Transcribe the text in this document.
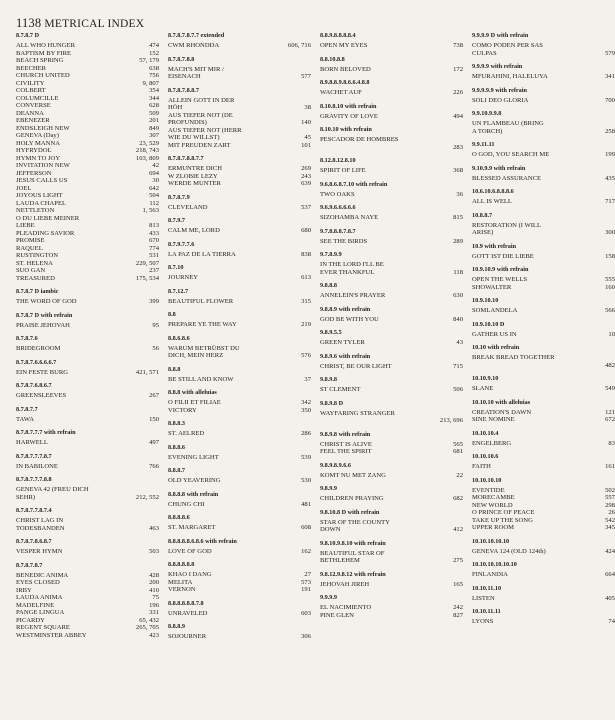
1138 METRICAL INDEX
8.7.8.7 D
ALL WHO HUNGER	474
BAPTISM BY FIRE	152
BEACH SPRING	57, 179
BEECHER	638
CHURCH UNITED	756
CIVILITY	9, 807
COLBERT	354
COLUMCILLE	344
CONVERSE	628
DEANNA	509
EBENEZER	201
ENDSLEIGH NEW	849
GENEVA (Day)	307
HOLY MANNA	23, 529
HYFRYDOL	218, 743
HYMN TO JOY	103, 809
INVITATION NEW	42
JEFFERSON	694
JESUS CALLS US	30
JOEL	642
JOYOUS LIGHT	504
LAUDA CHAPEL	112
NETTLETON	1, 563
O DU LIEBE MEINER
LIEBE	813
PLEADING SAVIOR	433
PROMISE	670
RAQUEL	774
RUSTINGTON	531
ST. HELENA	229, 507
SUO GAN	237
TREASURED	175, 534
8.7.8.7 D iambic
THE WORD OF GOD	399
8.7.8.7 D with refrain
PRAISE JEHOVAH	95
8.7.8.7.6
BRIDEGROOM	56
8.7.8.7.6.6.6.6.7
EIN FESTE BURG	421, 571
8.7.8.7.6.8.6.7
GREENSLEEVES	267
8.7.8.7.7
TAWA	150
8.7.8.7.7.7 with refrain
HARWELL	497
8.7.8.7.7.7.8.7
IN BABILONE	766
8.7.8.7.7.7.8.8
GENEVA 42 (FREU DICH
SEHR)	212, 552
8.7.8.7.7.8.7.4
CHRIST LAG IN
TODESBANDEN	463
8.7.8.7.8.6.8.7
VESPER HYMN	503
8.7.8.7.8.7
BENEDIC ANIMA	428
EYES CLOSED	200
IRBY	410
LAUDA ANIMA	75
MADELFINE	196
PANGE LINGUA	331
PICARDY	65, 432
REGENT SQUARE	265, 705
WESTMINSTER ABBEY	423
8.7.8.7.8.7.7 extended
CWM RHONDDA	606, 716
8.7.8.7.8.8
MACH'S MIT MIR /
EISENACH	577
8.7.8.7.8.8.7
ALLEIN GOTT IN DER
HÖH	38
AUS TIEFER NOT (DE
PROFUNDIS)	140
AUS TIEFER NOT (HERR
WIE DU WILLST)	45
MIT FREUDEN ZART	101
8.7.8.7.8.8.7.7
ERMUNTRE DICH	269
W ZLOBIE LEZY	243
WERDE MUNTER	639
8.7.8.7.9
CLEVELAND	537
8.7.9.7
CALM ME, LORD	680
8.7.9.7.7.6
LA PAZ DE LA TIERRA	838
8.7.10
JOURNEY	613
8.7.12.7
BEAUTIFUL FLOWER	315
8.8
PREPARE YE THE WAY	219
8.8.6.8.6
WARUM BETRÜBST DU
DICH, MEIN HERZ	576
8.8.8
BE STILL AND KNOW	37
8.8.8 with alleluias
O FILII ET FILIAE	342
VICTORY	350
8.8.8.3
ST. AELRED	286
8.8.8.6
EVENING LIGHT	539
8.8.8.7
OLD YEAVERING	530
8.8.8.8 with refrain
CHUNG CHI	481
8.8.8.8.6
ST. MARGARET	608
8.8.8.8.8.6.8.6 with refrain
LOVE OF GOD	162
8.8.8.8.8.8
KHAO I DANG	27
MELITA	573
VERNON	191
8.8.8.8.8.8.7.8
UNRAVELED	603
8.8.8.9
SOJOURNER	306
8.8.9.8.8.8.8.4
OPEN MY EYES	738
8.8.10.8.8
BORN BELOVED	172
8.9.8.8.9.8.6.6.4.8.8
WACHET AUF	226
8.10.8.10 with refrain
GRAVITY OF LOVE	494
8.10.10 with refrain
PESCADOR DE HOMBRES
283
8.12.8.12.8.10
SPIRIT OF LIFE	368
9.6.8.6.8.7.10 with refrain
TWO OAKS	36
9.6.9.6.6.6.6.6
SIZOHAMBA NAYE	815
9.7.8.8.8.7.8.7
SEE THE BIRDS	289
9.7.8.9.9
IN THE LORD I'LL BE
EVER THANKFUL	118
9.8.8.8
ANNELEIN'S PRAYER	630
9.8.8.9 with refrain
GOD BE WITH YOU	840
9.8.9.5.5
GREEN TYLER	43
9.8.9.6 with refrain
CHRIST, BE OUR LIGHT	715
9.8.9.8
ST CLEMENT	506
9.8.9.8 D
WAYFARING STRANGER
213, 696
9.8.9.8 with refrain
CHRIST IS ALIVE	565
FEEL THE SPIRIT	681
9.8.9.8.9.6.6
KOMT NU MET ZANG	22
9.8.9.9
CHILDREN PRAYING	682
9.8.10.8 D with refrain
STAR OF THE COUNTY
DOWN	412
9.8.10.9.8.10 with refrain
BEAUTIFUL STAR OF
BETHLEHEM	275
9.8.12.9.8.12 with refrain
JEHOVAH JIREH	165
9.9.9.9
EL NACIMIENTO	242
PINE GLEN	827
9.9.9.9 D with refrain
COMO PODEN PER SAS
CULPAS	579
9.9.9.9 with refrain
MFURAHINI, HALELUYA	341
9.9.9.9.9 with refrain
SOLI DEO GLORIA	700
9.9.10.9.9.8
UN FLAMBEAU (BRING
A TORCH)	258
9.9.11.11
O GOD, YOU SEARCH ME	199
9.10.9.9 with refrain
BLESSED ASSURANCE	435
10.6.10.6.8.8.8.6
ALL IS WELL	717
10.8.8.7
RESTORATION (I WILL
ARISE)	300
10.9 with refrain
GOTT IST DIE LIEBE	158
10.9.10.9 with refrain
OPEN THE WELLS	555
SHOWALTER	160
10.9.10.10
SOMLANDELA	566
10.9.10.10 D
GATHER US IN	10
10.10 with refrain
BREAK BREAD TOGETHER
482
10.10.9.10
SLANE	549
10.10.10 with alleluias
CREATION'S DAWN	121
SINE NOMINE	672
10.10.10.4
ENGELBERG	83
10.10.10.6
FAITH	161
10.10.10.10
EVENTIDE	502
MORECAMBE	557
NEW WORLD	298
O PRINCE OF PEACE	26
TAKE UP THE SONG	542
UPPER ROOM	345
10.10.10.10.10
GENEVA 124 (OLD 124th)	424
10.10.10.10.10.10
FINLANDIA	664
10.10.11.10
LISTEN	405
10.10.11.11
LYONS	74
